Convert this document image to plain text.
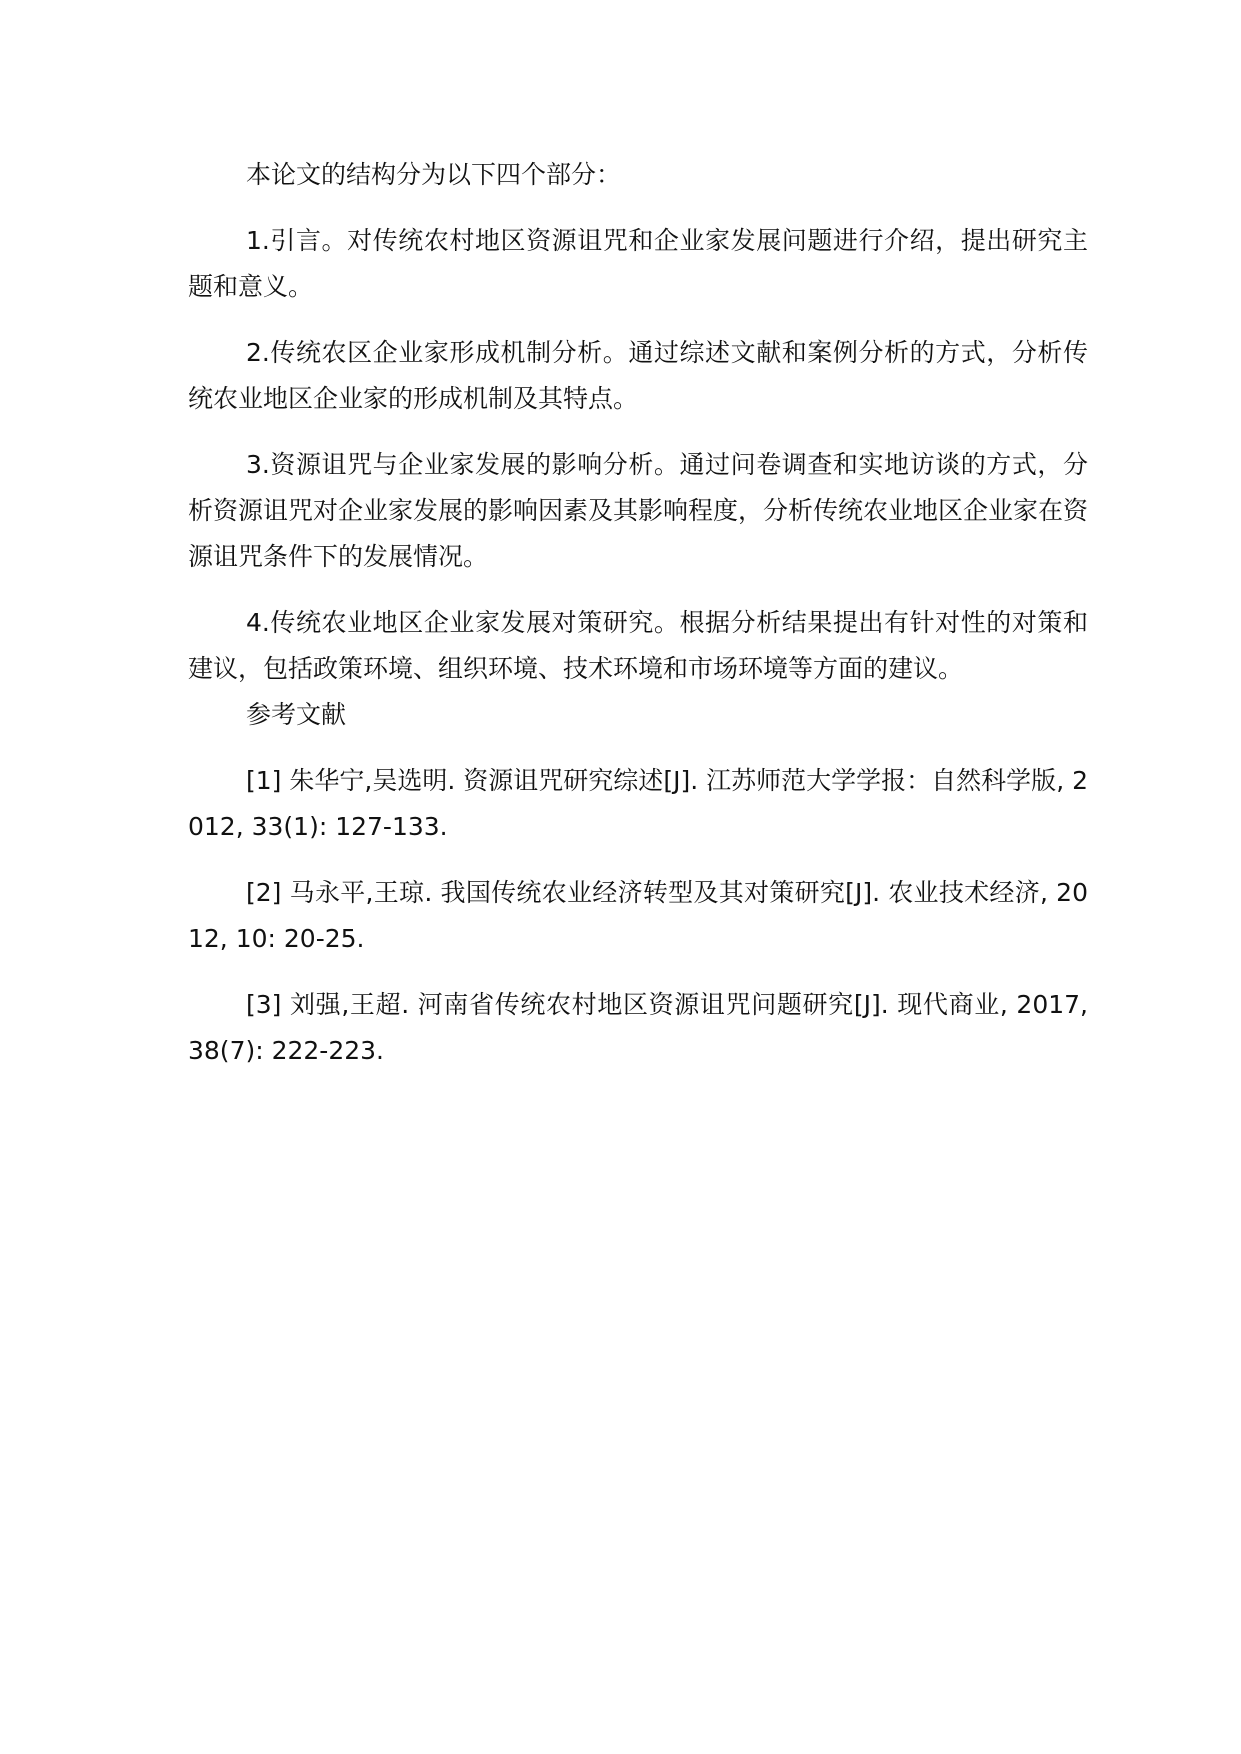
本论文的结构分为以下四个部分：

1.引言。对传统农村地区资源诅咒和企业家发展问题进行介绍，提出研究主题和意义。

2.传统农区企业家形成机制分析。通过综述文献和案例分析的方式，分析传统农业地区企业家的形成机制及其特点。

3.资源诅咒与企业家发展的影响分析。通过问卷调查和实地访谈的方式，分析资源诅咒对企业家发展的影响因素及其影响程度，分析传统农业地区企业家在资源诅咒条件下的发展情况。

4.传统农业地区企业家发展对策研究。根据分析结果提出有针对性的对策和建议，包括政策环境、组织环境、技术环境和市场环境等方面的建议。

参考文献

[1] 朱华宁,吴选明. 资源诅咒研究综述[J]. 江苏师范大学学报：自然科学版, 2012, 33(1): 127-133.

[2] 马永平,王琼. 我国传统农业经济转型及其对策研究[J]. 农业技术经济, 2012, 10: 20-25.

[3] 刘强,王超. 河南省传统农村地区资源诅咒问题研究[J]. 现代商业, 2017, 38(7): 222-223.
